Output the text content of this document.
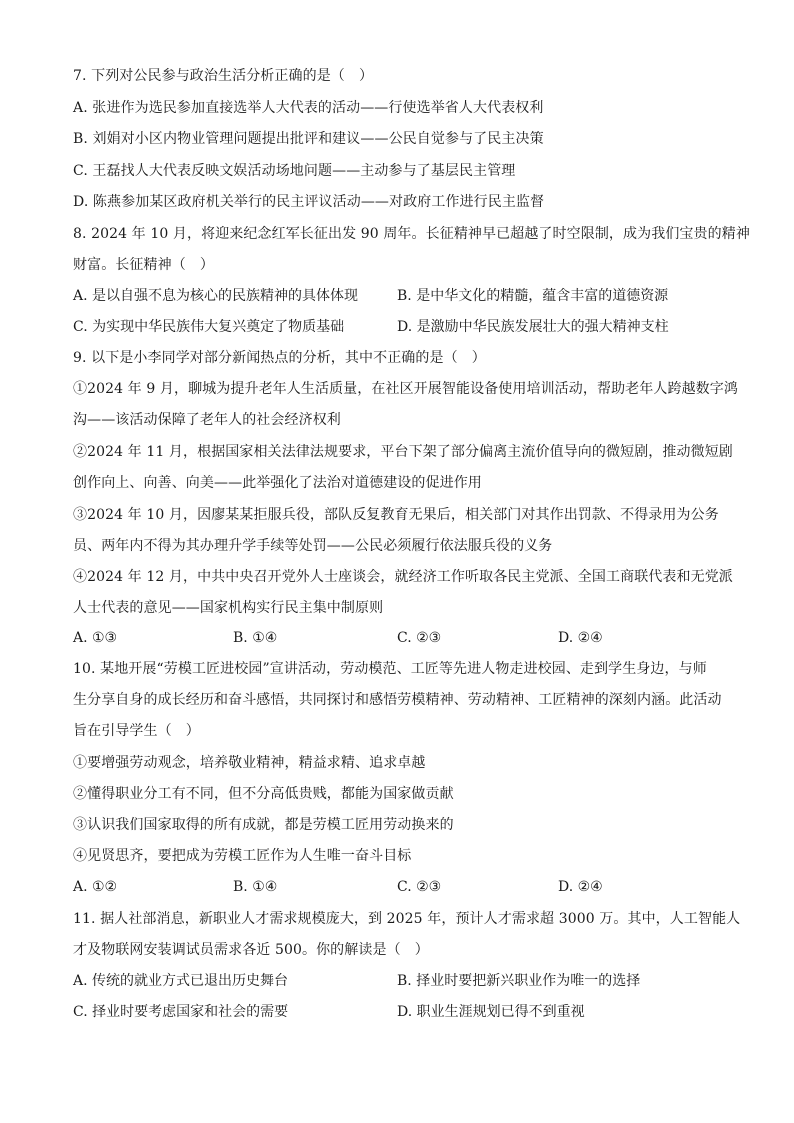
7. 下列对公民参与政治生活分析正确的是（　）
A. 张进作为选民参加直接选举人大代表的活动——行使选举省人大代表权利
B. 刘娟对小区内物业管理问题提出批评和建议——公民自觉参与了民主决策
C. 王磊找人大代表反映文娱活动场地问题——主动参与了基层民主管理
D. 陈燕参加某区政府机关举行的民主评议活动——对政府工作进行民主监督
8. 2024 年 10 月，将迎来纪念红军长征出发 90 周年。长征精神早已超越了时空限制，成为我们宝贵的精神
财富。长征精神（　）
A. 是以自强不息为核心的民族精神的具体体现	B. 是中华文化的精髓，蕴含丰富的道德资源
C. 为实现中华民族伟大复兴奠定了物质基础	D. 是激励中华民族发展壮大的强大精神支柱
9. 以下是小李同学对部分新闻热点的分析，其中不正确的是（　）
①2024 年 9 月，聊城为提升老年人生活质量，在社区开展智能设备使用培训活动，帮助老年人跨越数字鸿
沟——该活动保障了老年人的社会经济权利
②2024 年 11 月，根据国家相关法律法规要求，平台下架了部分偏离主流价值导向的微短剧，推动微短剧
创作向上、向善、向美——此举强化了法治对道德建设的促进作用
③2024 年 10 月，因廖某某拒服兵役，部队反复教育无果后，相关部门对其作出罚款、不得录用为公务
员、两年内不得为其办理升学手续等处罚——公民必须履行依法服兵役的义务
④2024 年 12 月，中共中央召开党外人士座谈会，就经济工作听取各民主党派、全国工商联代表和无党派
人士代表的意见——国家机构实行民主集中制原则
A. ①③	B. ①④	C. ②③	D. ②④
10. 某地开展“劳模工匠进校园”宣讲活动，劳动模范、工匠等先进人物走进校园、走到学生身边，与师
生分享自身的成长经历和奋斗感悟，共同探讨和感悟劳模精神、劳动精神、工匠精神的深刻内涵。此活动
旨在引导学生（　）
①要增强劳动观念，培养敬业精神，精益求精、追求卓越
②懂得职业分工有不同，但不分高低贵贱，都能为国家做贡献
③认识我们国家取得的所有成就，都是劳模工匠用劳动换来的
④见贤思齐，要把成为劳模工匠作为人生唯一奋斗目标
A. ①②	B. ①④	C. ②③	D. ②④
11. 据人社部消息，新职业人才需求规模庞大，到 2025 年，预计人才需求超 3000 万。其中，人工智能人
才及物联网安装调试员需求各近 500。你的解读是（　）
A. 传统的就业方式已退出历史舞台	B. 择业时要把新兴职业作为唯一的选择
C. 择业时要考虑国家和社会的需要	D. 职业生涯规划已得不到重视
